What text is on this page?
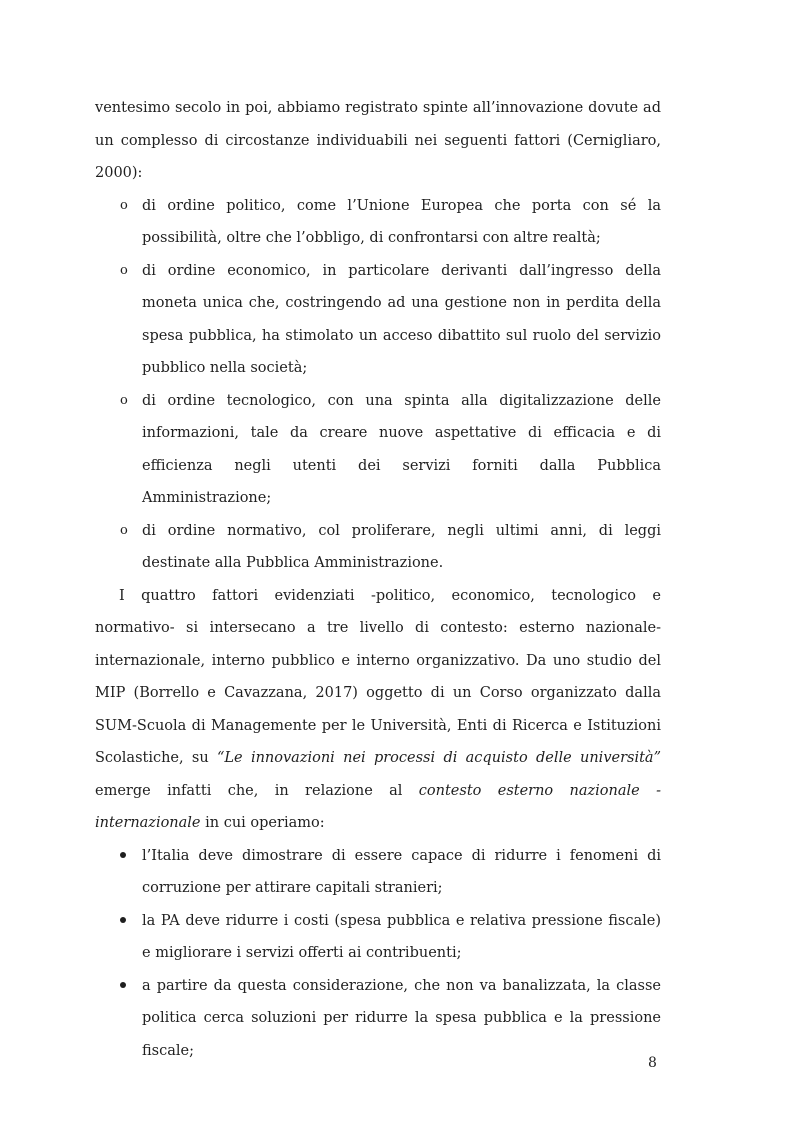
ventesimo secolo in poi, abbiamo registrato spinte all’innovazione dovute ad un complesso di circostanze individuabili nei seguenti fattori (Cernigliaro, 2000):

o di ordine politico, come l’Unione Europea che porta con sé la possibilità, oltre che l’obbligo, di confrontarsi con altre realtà;
o di ordine economico, in particolare derivanti dall’ingresso della moneta unica che, costringendo ad una gestione non in perdita della spesa pubblica, ha stimolato un acceso dibattito sul ruolo del servizio pubblico nella società;
o di ordine tecnologico, con una spinta alla digitalizzazione delle informazioni, tale da creare nuove aspettative di efficacia e di efficienza negli utenti dei servizi forniti dalla Pubblica Amministrazione;
o di ordine normativo, col proliferare, negli ultimi anni, di leggi destinate alla Pubblica Amministrazione.

I quattro fattori evidenziati -politico, economico, tecnologico e normativo- si intersecano a tre livello di contesto: esterno nazionale-internazionale, interno pubblico e interno organizzativo. Da uno studio del MIP (Borrello e Cavazzana, 2017) oggetto di un Corso organizzato dalla SUM-Scuola di Managemente per le Università, Enti di Ricerca e Istituzioni Scolastiche, su “Le innovazioni nei processi di acquisto delle università” emerge infatti che, in relazione al contesto esterno nazionale - internazionale in cui operiamo:

l’Italia deve dimostrare di essere capace di ridurre i fenomeni di corruzione per attirare capitali stranieri;
la PA deve ridurre i costi (spesa pubblica e relativa pressione fiscale) e migliorare i servizi offerti ai contribuenti;
a partire da questa considerazione, che non va banalizzata, la classe politica cerca soluzioni per ridurre la spesa pubblica e la pressione fiscale;
8
